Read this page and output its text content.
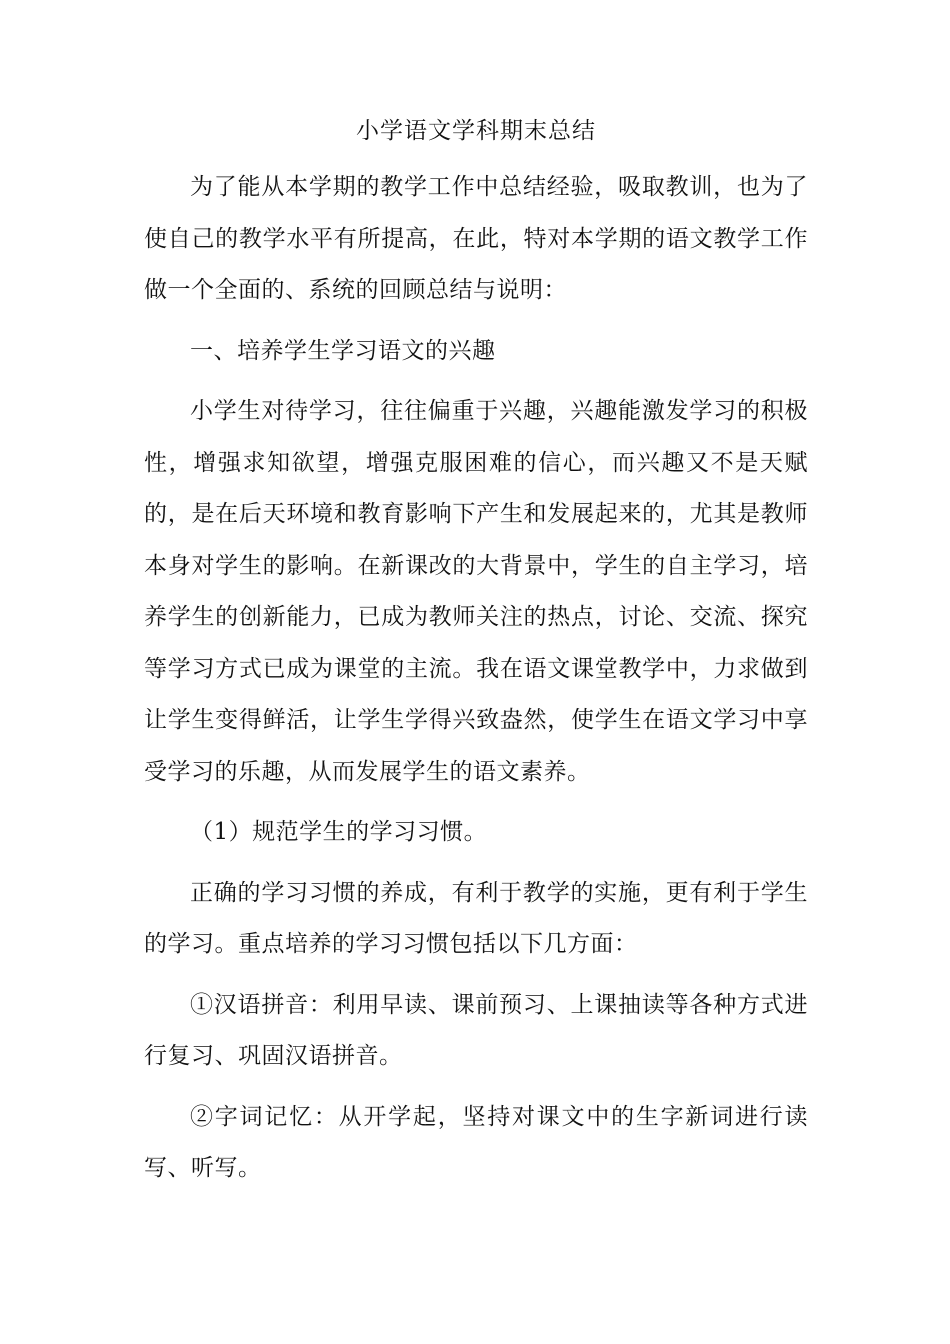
小学语文学科期末总结

为了能从本学期的教学工作中总结经验，吸取教训，也为了使自己的教学水平有所提高，在此，特对本学期的语文教学工作做一个全面的、系统的回顾总结与说明：

一、培养学生学习语文的兴趣

小学生对待学习，往往偏重于兴趣，兴趣能激发学习的积极性，增强求知欲望，增强克服困难的信心，而兴趣又不是天赋的，是在后天环境和教育影响下产生和发展起来的，尤其是教师本身对学生的影响。在新课改的大背景中，学生的自主学习，培养学生的创新能力，已成为教师关注的热点，讨论、交流、探究等学习方式已成为课堂的主流。我在语文课堂教学中，力求做到让学生变得鲜活，让学生学得兴致盎然，使学生在语文学习中享受学习的乐趣，从而发展学生的语文素养。

（1）规范学生的学习习惯。

正确的学习习惯的养成，有利于教学的实施，更有利于学生的学习。重点培养的学习习惯包括以下几方面：

①汉语拼音：利用早读、课前预习、上课抽读等各种方式进行复习、巩固汉语拼音。

②字词记忆：从开学起，坚持对课文中的生字新词进行读写、听写。
